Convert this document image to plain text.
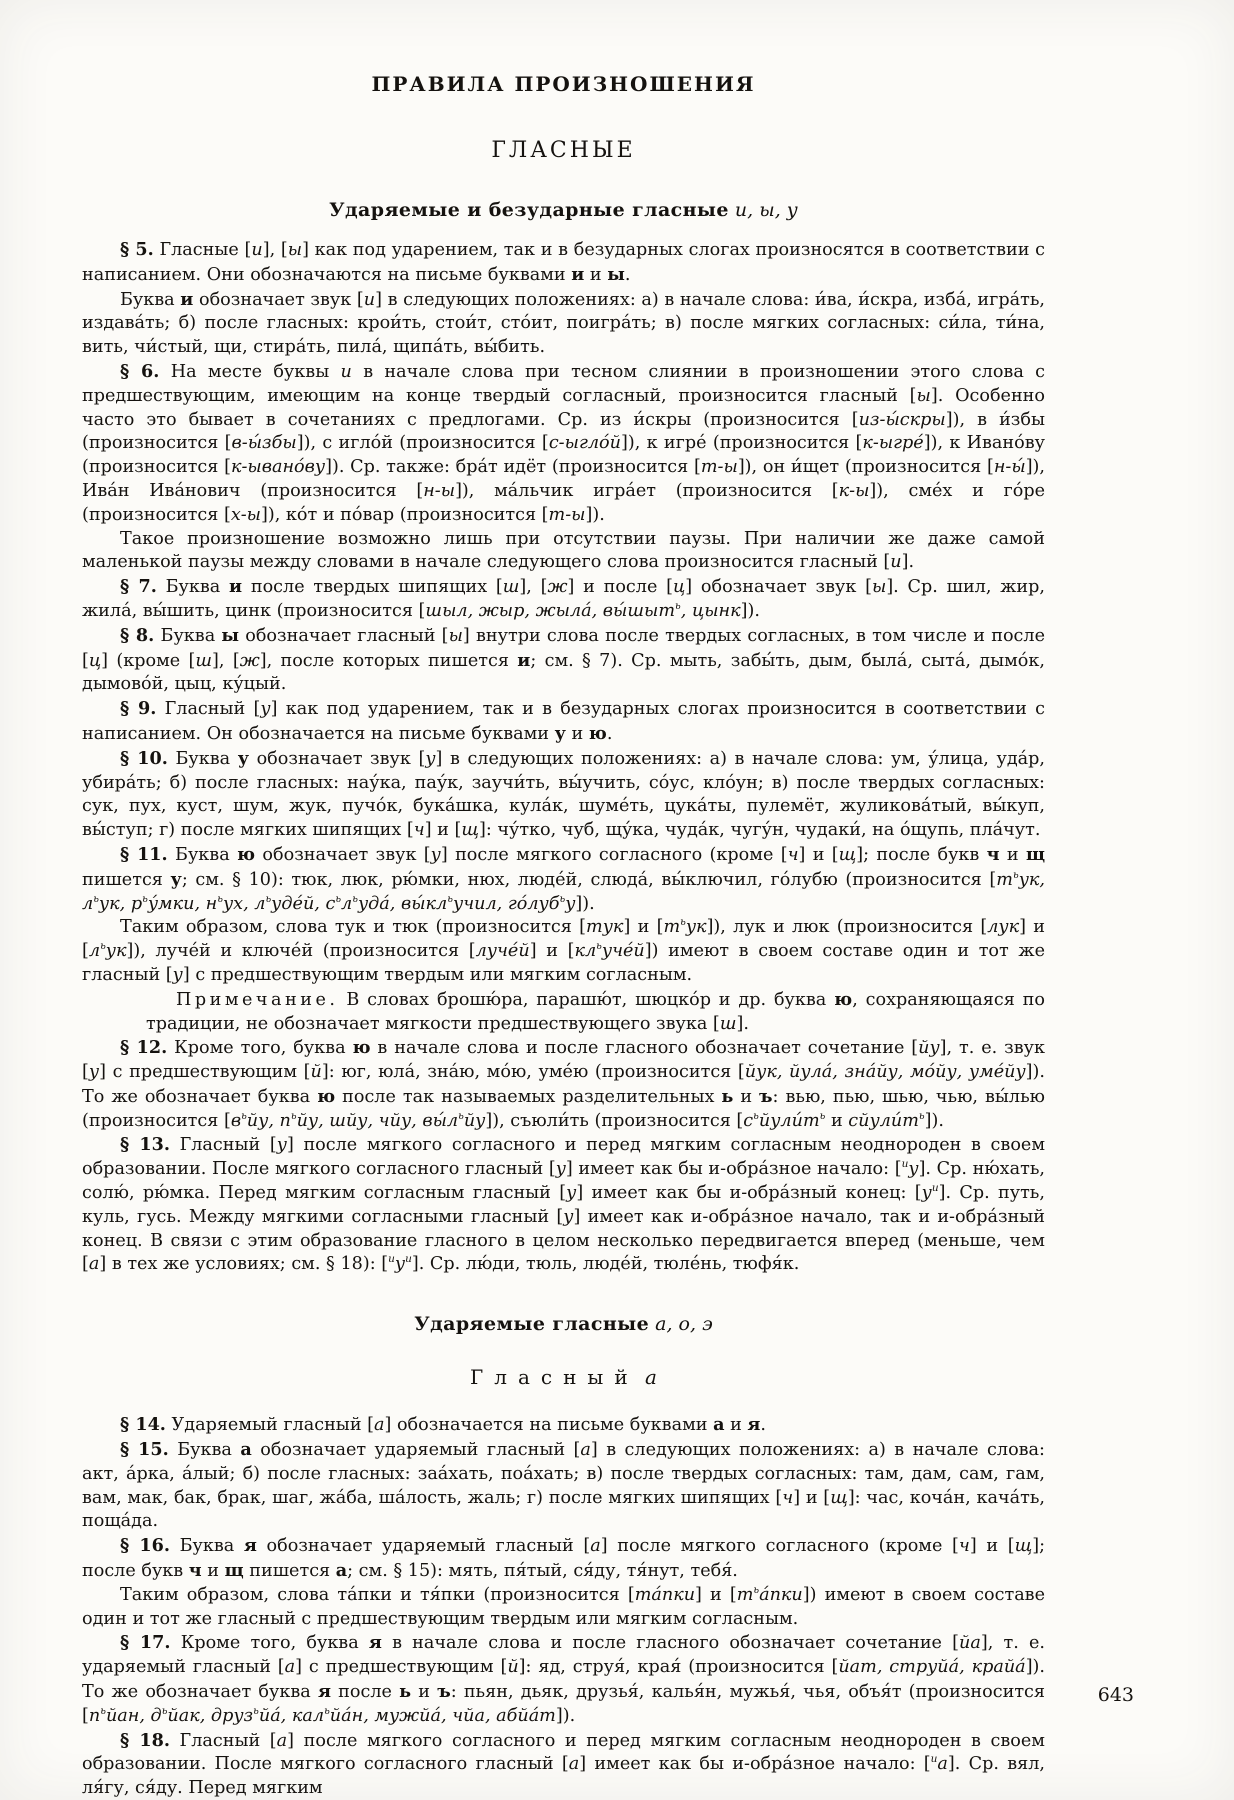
ПРАВИЛА ПРОИЗНОШЕНИЯ
ГЛАСНЫЕ
Ударяемые и безударные гласные и, ы, у

§ 5. Гласные [и], [ы] как под ударением, так и в безударных слогах произносятся в соответствии с написанием. Они обозначаются на письме буквами и и ы.

Буква и обозначает звук [и] в следующих положениях: а) в начале слова: и́ва, и́скра, изба́, игра́ть, издава́ть; б) после гласных: крои́ть, стои́т, сто́ит, поигра́ть; в) после мягких согласных: си́ла, ти́на, вить, чи́стый, щи, стира́ть, пила́, щипа́ть, вы́бить.

§ 6. На месте буквы и в начале слова при тесном слиянии в произношении этого слова с предшествующим, имеющим на конце твердый согласный, произносится гласный [ы]. Особенно часто это бывает в сочетаниях с предлогами. Ср. из и́скры (произносится [из-ы́скры]), в и́збы (произносится [в-ы́збы]), с игло́й (произносится [с-ыгло́й]), к игре́ (произносится [к-ыгре́]), к Ивано́ву (произносится [к-ывано́ву]). Ср. также: бра́т идёт (произносится [т-ы]), он и́щет (произносится [н-ы́]), Ива́н Ива́нович (произносится [н-ы]), ма́льчик игра́ет (произносится [к-ы]), сме́х и го́ре (произносится [х-ы]), ко́т и по́вар (произносится [т-ы]).

Такое произношение возможно лишь при отсутствии паузы. При наличии же даже самой маленькой паузы между словами в начале следующего слова произносится гласный [и].

§ 7. Буква и после твердых шипящих [ш], [ж] и после [ц] обозначает звук [ы]. Ср. шил, жир, жила́, вы́шить, цинк (произносится [шыл, жыр, жыла́, вы́шыт$^ь$, цынк]).

§ 8. Буква ы обозначает гласный [ы] внутри слова после твердых согласных, в том числе и после [ц] (кроме [ш], [ж], после которых пишется и; см. § 7). Ср. мыть, забы́ть, дым, была́, сыта́, дымо́к, дымово́й, цыц, ку́цый.

§ 9. Гласный [у] как под ударением, так и в безударных слогах произносится в соответствии с написанием. Он обозначается на письме буквами у и ю.

§ 10. Буква у обозначает звук [у] в следующих положениях: а) в начале слова: ум, у́лица, уда́р, убира́ть; б) после гласных: нау́ка, пау́к, заучи́ть, вы́учить, со́ус, кло́ун; в) после твердых согласных: сук, пух, куст, шум, жук, пучо́к, бука́шка, кула́к, шуме́ть, цука́ты, пулемёт, жуликова́тый, вы́куп, вы́ступ; г) после мягких шипящих [ч] и [щ]: чу́тко, чуб, щу́ка, чуда́к, чугу́н, чудаки́, на о́щупь, пла́чут.

§ 11. Буква ю обозначает звук [у] после мягкого согласного (кроме [ч] и [щ]; после букв ч и щ пишется у; см. § 10): тюк, люк, рю́мки, нюх, люде́й, слюда́, вы́ключил, го́лубю (произносится [$т^ьук$, $л^ьук$, $р^ьу́мки$, $н^ьух$, $л^ьуде́й$, $с^ьл^ьуда́$, $вы́кл^ьучил$, го́луб$^ь$у]).

Таким образом, слова тук и тюк (произносится [тук] и $[т^ьук]$), лук и люк (произносится [лук] и $[л^ьук]$), луче́й и ключе́й (произносится [луче́й] и $[кл^ьуче́й]$) имеют в своем составе один и тот же гласный [у] с предшествующим твердым или мягким согласным.

Примечание. В словах брошю́ра, парашю́т, шюцко́р и др. буква ю, сохраняющаяся по традиции, не обозначает мягкости предшествующего звука [ш].

§ 12. Кроме того, буква ю в начале слова и после гласного обозначает сочетание [йу], т. е. звук [у] с предшествующим [й]: юг, юла́, зна́ю, мо́ю, уме́ю (произносится [йук, йула́, зна́йу, мо́йу, уме́йу]). То же обозначает буква ю после так называемых разделительных ь и ъ: вью, пью, шью, чью, вы́лью (произносится [$в^ьйу$, $п^ьйу$, шйу, чйу, $вы́л^ьйу$]), съюли́ть (произносится [$с^ьйули́т^ь$ и $сйули́т^ь$]).

§ 13. Гласный [у] после мягкого согласного и перед мягким согласным неоднороден в своем образовании. После мягкого согласного гласный [у] имеет как бы и-обра́зное начало: [$^и$у]. Ср. ню́хать, солю́, рю́мка. Перед мягким согласным гласный [у] имеет как бы и-обра́зный конец: $[у^и]$. Ср. путь, куль, гусь. Между мягкими согласными гласный [у] имеет как и-обра́зное начало, так и и-обра́зный конец. В связи с этим образование гласного в целом несколько передвигается вперед (меньше, чем [а] в тех же условиях; см. § 18): $[^иу^и]$. Ср. лю́ди, тюль, люде́й, тюле́нь, тюфя́к.

Ударяемые гласные а, о, э
Гласный а

§ 14. Ударяемый гласный [а] обозначается на письме буквами а и я.

§ 15. Буква а обозначает ударяемый гласный [а] в следующих положениях: а) в начале слова: акт, а́рка, а́лый; б) после гласных: заа́хать, поа́хать; в) после твердых согласных: там, дам, сам, гам, вам, мак, бак, брак, шаг, жа́ба, ша́лость, жаль; г) после мягких шипящих [ч] и [щ]: час, коча́н, кача́ть, поща́да.

§ 16. Буква я обозначает ударяемый гласный [а] после мягкого согласного (кроме [ч] и [щ]; после букв ч и щ пишется а; см. § 15): мять, пя́тый, ся́ду, тя́нут, тебя́.

Таким образом, слова та́пки и тя́пки (произносится [та́пки] и $[т^ьа́пки]$) имеют в своем составе один и тот же гласный с предшествующим твердым или мягким согласным.

§ 17. Кроме того, буква я в начале слова и после гласного обозначает сочетание [йа], т. е. ударяемый гласный [а] с предшествующим [й]: яд, струя́, края́ (произносится [йат, струйа́, крайа́]). То же обозначает буква я после ь и ъ: пьян, дьяк, друзья́, калья́н, мужья́, чья, объя́т (произносится [$п^ьйан$, $д^ьйак$, друз$^ь$йа́, кал$^ь$йа́н, мужйа́, чйа, абйа́т]).

§ 18. Гласный [а] после мягкого согласного и перед мягким согласным неоднороден в своем образовании. После мягкого согласного гласный [а] имеет как бы и-обра́зное начало: [$^и$а]. Ср. вял, ля́гу, ся́ду. Перед мягким

643
